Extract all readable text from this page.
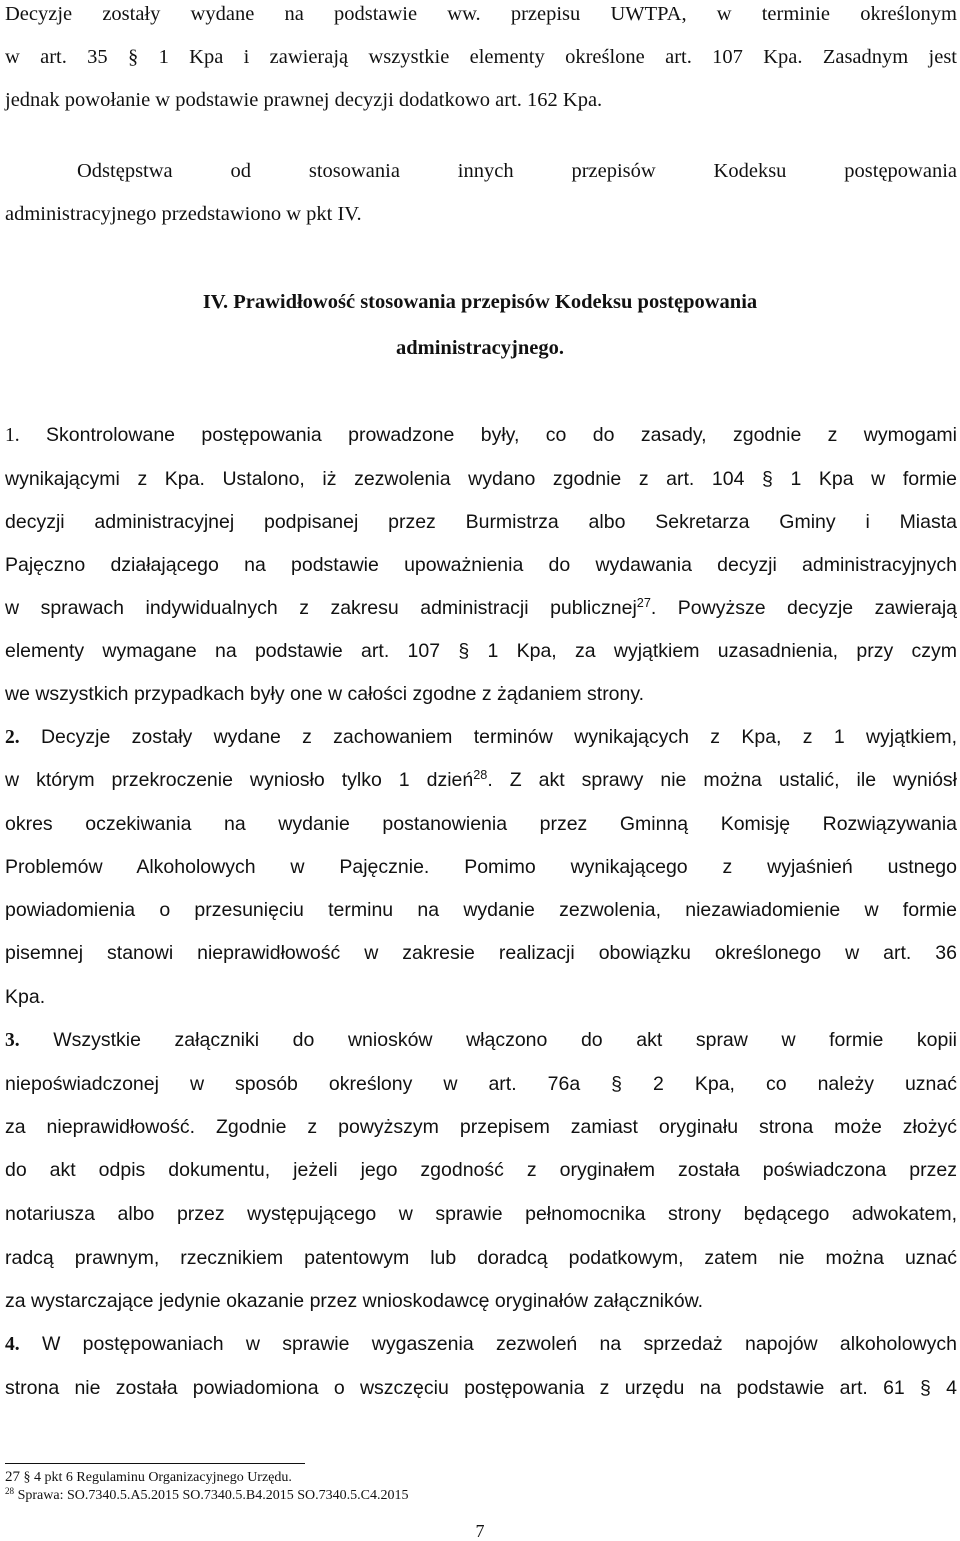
Decyzje zostały wydane na podstawie ww. przepisu UWTPA, w terminie określonym
w art. 35 § 1 Kpa i zawierają wszystkie elementy określone art. 107 Kpa. Zasadnym jest
jednak powołanie w podstawie prawnej decyzji dodatkowo art. 162 Kpa.
Odstępstwa od stosowania innych przepisów Kodeksu postępowania
administracyjnego przedstawiono w pkt IV.
IV. Prawidłowość stosowania przepisów Kodeksu postępowania
administracyjnego.
1. Skontrolowane postępowania prowadzone były, co do zasady, zgodnie z wymogami
wynikającymi z Kpa. Ustalono, iż zezwolenia wydano zgodnie z art. 104 § 1 Kpa w formie
decyzji administracyjnej podpisanej przez Burmistrza albo Sekretarza Gminy i Miasta
Pajęczno działającego na podstawie upoważnienia do wydawania decyzji administracyjnych
w sprawach indywidualnych z zakresu administracji publicznej$^{27}$. Powyższe decyzje zawierają
elementy wymagane na podstawie art. 107 § 1 Kpa, za wyjątkiem uzasadnienia, przy czym
we wszystkich przypadkach były one w całości zgodne z żądaniem strony.
2. Decyzje zostały wydane z zachowaniem terminów wynikających z Kpa, z 1 wyjątkiem,
w którym przekroczenie wyniosło tylko 1 dzień$^{28}$. Z akt sprawy nie można ustalić, ile wyniósł
okres oczekiwania na wydanie postanowienia przez Gminną Komisję Rozwiązywania
Problemów Alkoholowych w Pajęcznie. Pomimo wynikającego z wyjaśnień ustnego
powiadomienia o przesunięciu terminu na wydanie zezwolenia, niezawiadomienie w formie
pisemnej stanowi nieprawidłowość w zakresie realizacji obowiązku określonego w art. 36
Kpa.
3. Wszystkie załączniki do wniosków włączono do akt spraw w formie kopii
niepoświadczonej w sposób określony w art. 76a § 2 Kpa, co należy uznać
za nieprawidłowość. Zgodnie z powyższym przepisem zamiast oryginału strona może złożyć
do akt odpis dokumentu, jeżeli jego zgodność z oryginałem została poświadczona przez
notariusza albo przez występującego w sprawie pełnomocnika strony będącego adwokatem,
radcą prawnym, rzecznikiem patentowym lub doradcą podatkowym, zatem nie można uznać
za wystarczające jedynie okazanie przez wnioskodawcę oryginałów załączników.
4. W postępowaniach w sprawie wygaszenia zezwoleń na sprzedaż napojów alkoholowych
strona nie została powiadomiona o wszczęciu postępowania z urzędu na podstawie art. 61 § 4
27 § 4 pkt 6 Regulaminu Organizacyjnego Urzędu.
$^{28}$ Sprawa: SO.7340.5.A5.2015 SO.7340.5.B4.2015 SO.7340.5.C4.2015
7
